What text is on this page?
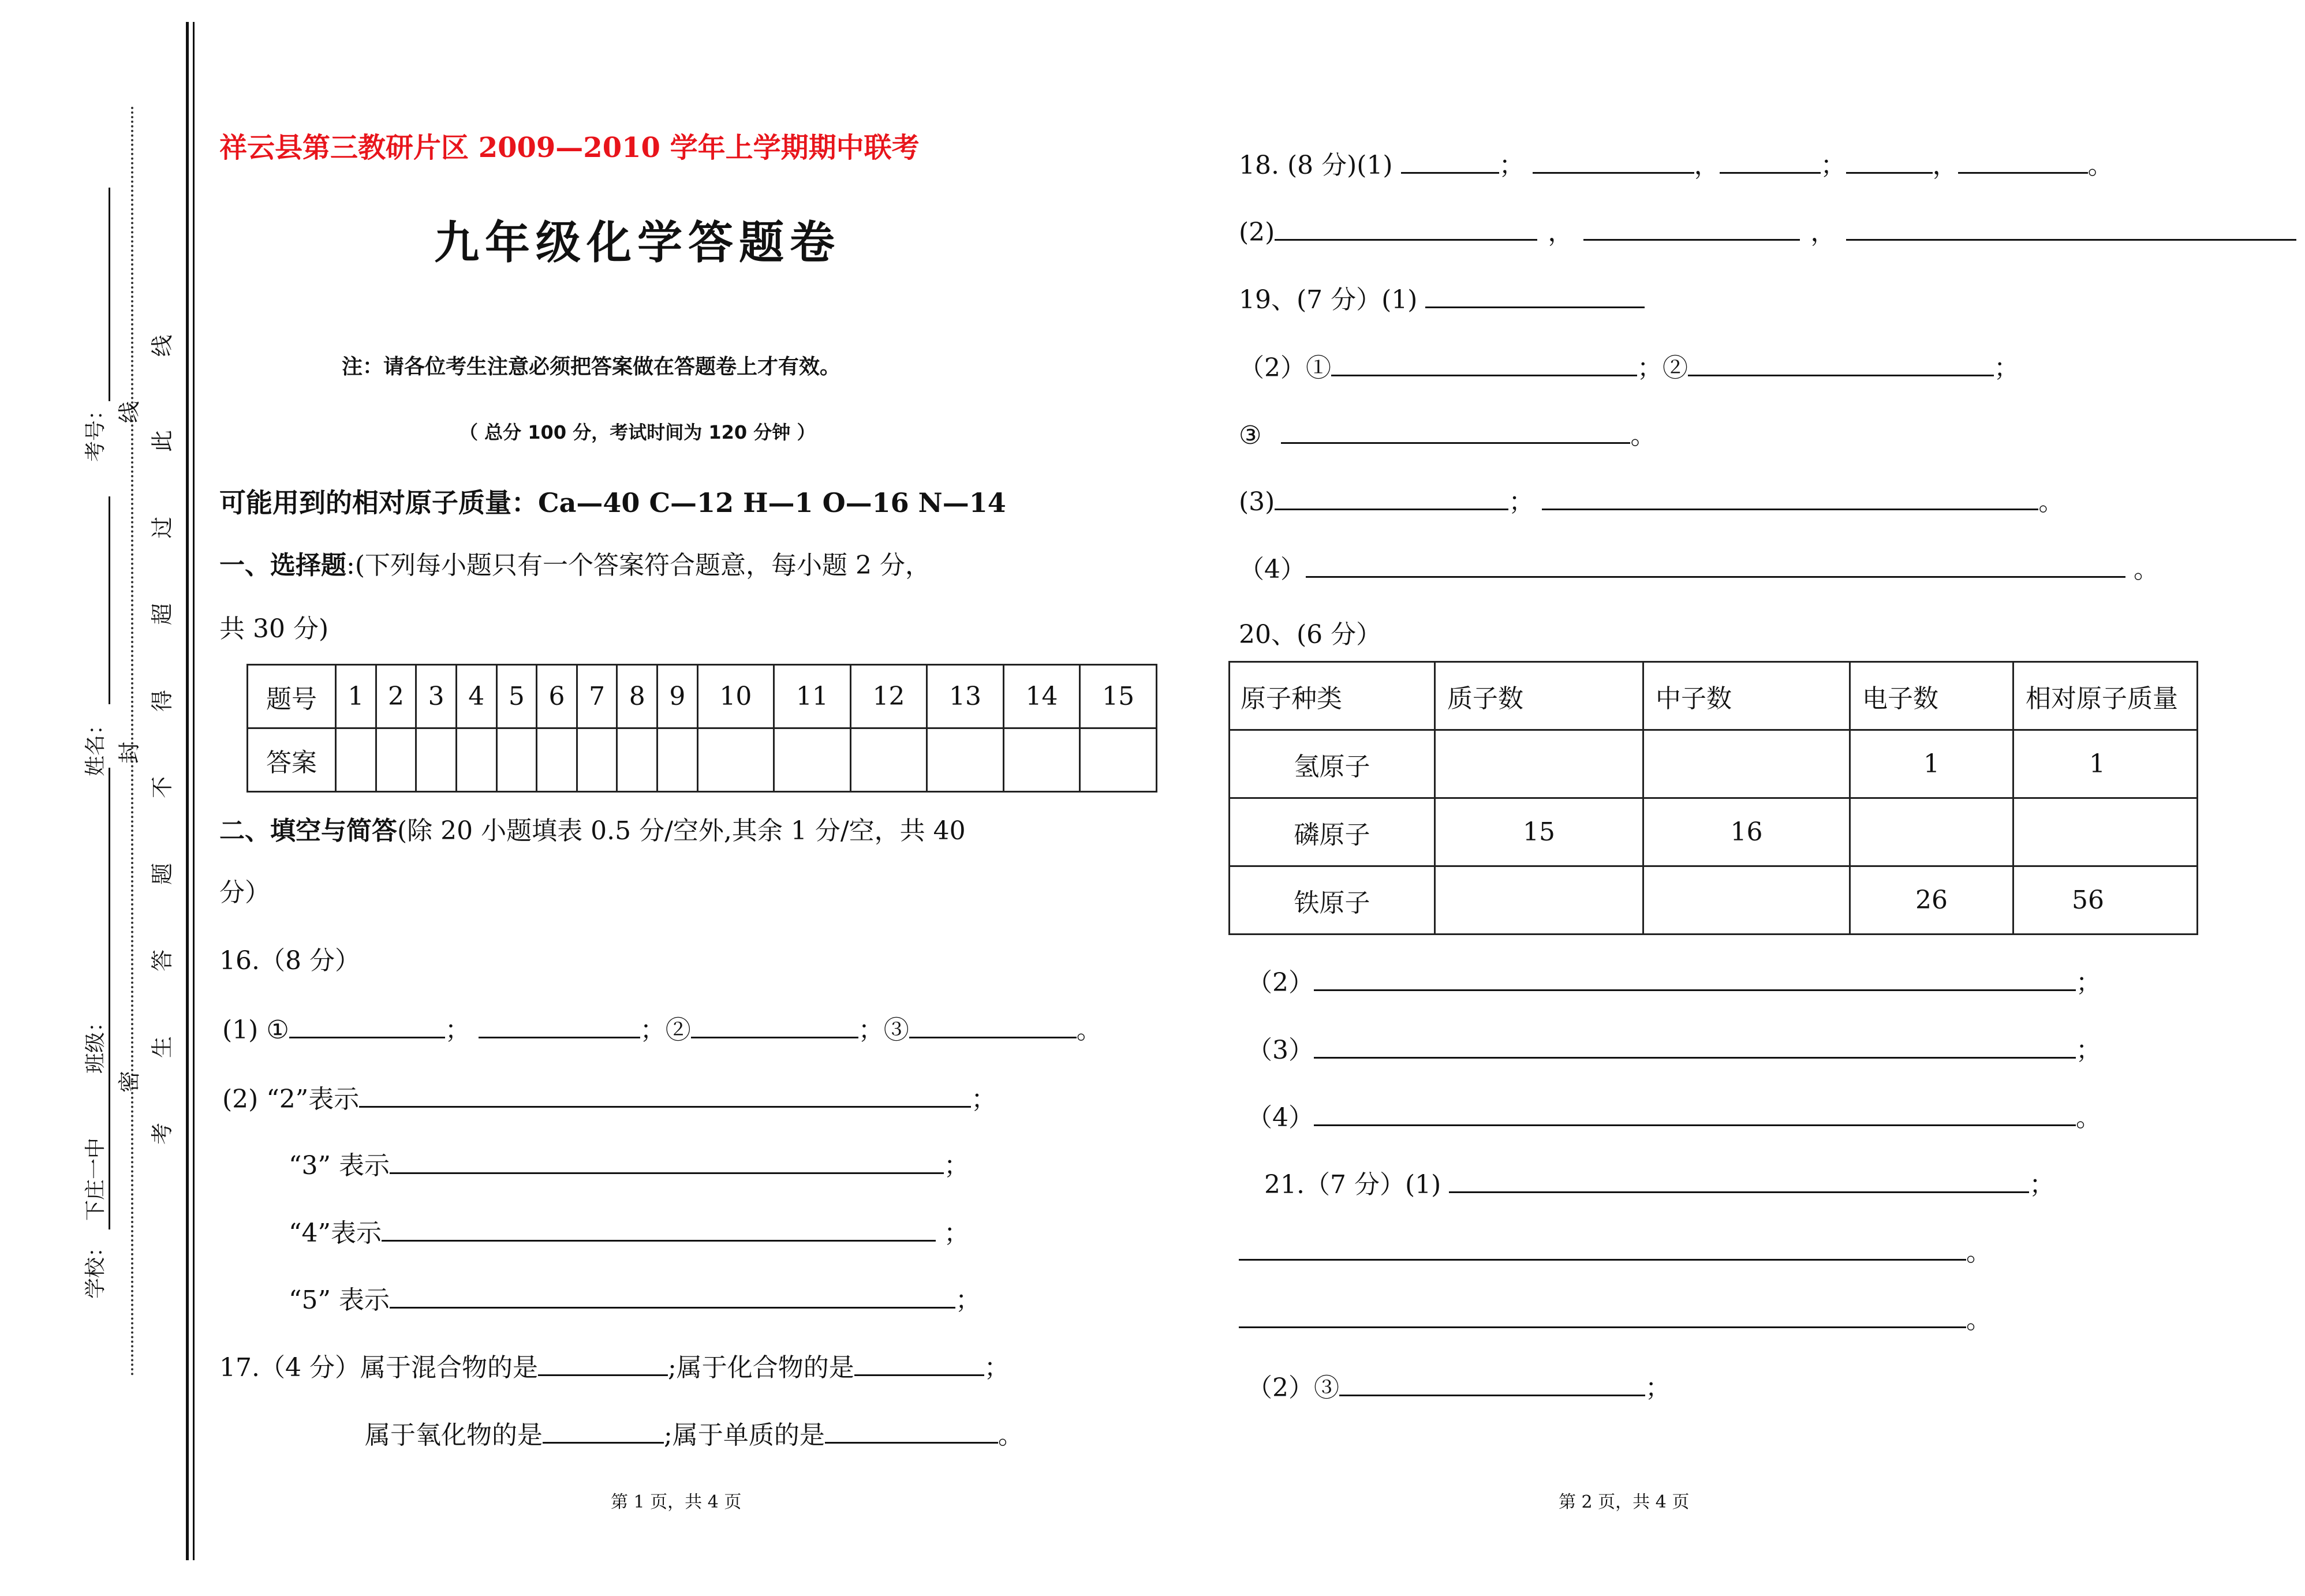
学校：
下庄一中
班级：
姓名：
考号：
密
封
线
考
生
答
题
不
得
超
过
此
线
祥云县第三教研片区 2009—2010 学年上学期期中联考
九年级化学答题卷
注：请各位考生注意必须把答案做在答题卷上才有效。
（ 总分 100 分，考试时间为 120 分钟 ）
可能用到的相对原子质量：Ca—40 C—12 H—1 O—16 N—14
一、选择题:(下列每小题只有一个答案符合题意，每小题 2 分，
共 30 分)
题号	1	2	3	4	5	6	7	8	9	10	11	12	13	14	15
答案															
二、填空与简答(除 20 小题填表 0.5 分/空外,其余 1 分/空，共 40
分）
16.（8 分）
(1) ①	；	；②	；③	。
(2) “2”表示	；
“3” 表示	；
“4”表示	；
“5” 表示	；
17.（4 分）属于混合物的是	;属于化合物的是	；
属于氧化物的是	;属于单质的是	。
第 1 页，共 4 页
18. (8 分)(1)	；	，	；	，	。
(2)	，	，
19、(7 分）(1)
（2）①	；②	；
③	。
(3)	；	。
（4）	。
20、(6 分）
原子种类	质子数	中子数	电子数	相对原子质量
氢原子			1	1
磷原子	15	16		
铁原子			26	56
（2）	；
（3）	；
（4）	。
21.（7 分）(1)	；
。
。
（2）③	；
第 2 页，共 4 页
